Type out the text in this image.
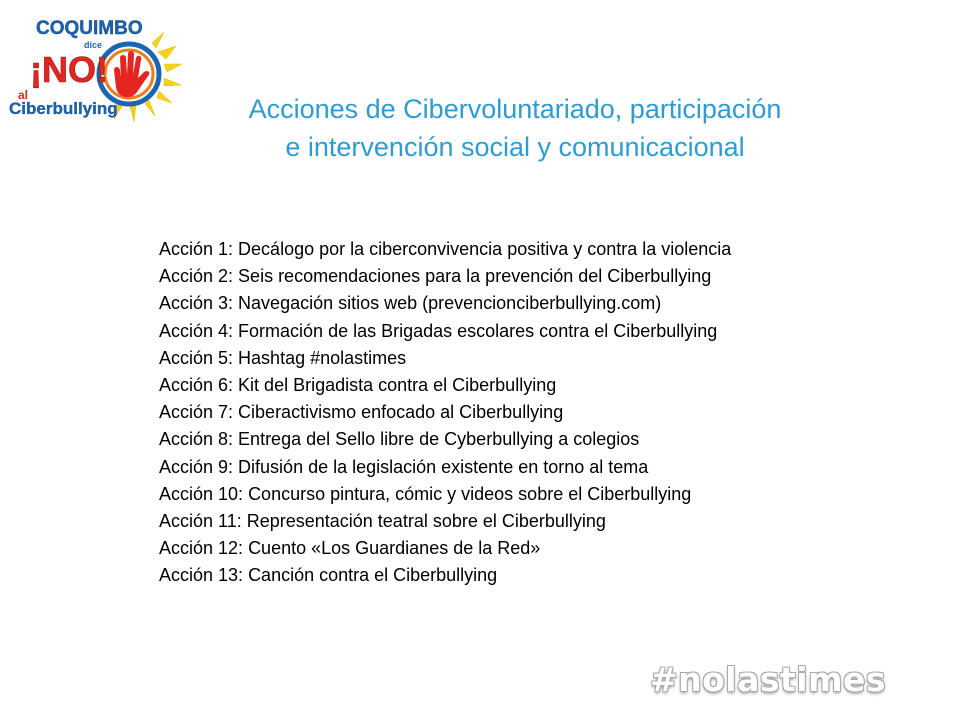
COQUIMBO
dice
¡NO!
al
Ciberbullying	Acciones de Cibervoluntariado, participación
e intervención social y comunicacional
Acción 1: Decálogo por la ciberconvivencia positiva y contra la violencia
Acción 2: Seis recomendaciones para la prevención del Ciberbullying
Acción 3: Navegación sitios web (prevencionciberbullying.com)
Acción 4: Formación de las Brigadas escolares contra el Ciberbullying
Acción 5: Hashtag #nolastimes
Acción 6: Kit del Brigadista contra el Ciberbullying
Acción 7: Ciberactivismo enfocado al Ciberbullying
Acción 8: Entrega del Sello libre de Cyberbullying a colegios
Acción 9: Difusión de la legislación existente en torno al tema
Acción 10: Concurso pintura, cómic y videos sobre el Ciberbullying
Acción 11: Representación teatral sobre el Ciberbullying
Acción 12: Cuento «Los Guardianes de la Red»
Acción 13: Canción contra el Ciberbullying
#nolastimes
